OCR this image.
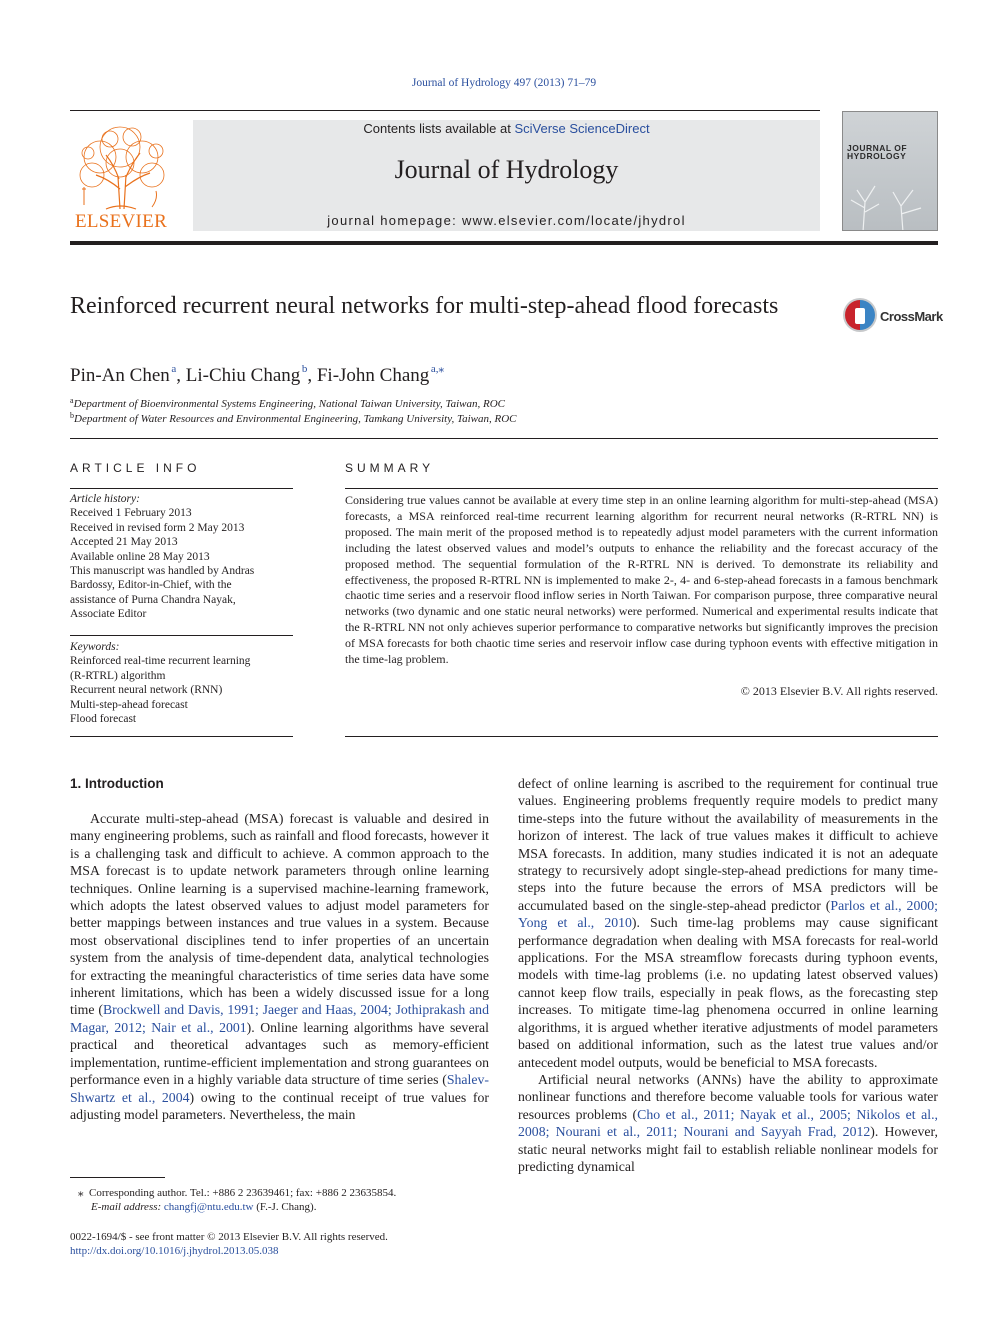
Journal of Hydrology 497 (2013) 71–79
ELSEVIER
Contents lists available at SciVerse ScienceDirect
Journal of Hydrology
journal homepage: www.elsevier.com/locate/jhydrol
JOURNAL OF HYDROLOGY
Reinforced recurrent neural networks for multi-step-ahead flood forecasts	CrossMark
Pin-An Chen  $^a$, Li-Chiu Chang  $^b$, Fi-John Chang  $^{a,⁎}$
$^a$Department of Bioenvironmental Systems Engineering, National Taiwan University, Taiwan, ROC
$^b$Department of Water Resources and Environmental Engineering, Tamkang University, Taiwan, ROC
ARTICLE INFO
Article history:
Received 1 February 2013
Received in revised form 2 May 2013
Accepted 21 May 2013
Available online 28 May 2013
This manuscript was handled by Andras
Bardossy, Editor-in-Chief, with the
assistance of Purna Chandra Nayak,
Associate Editor
Keywords:
Reinforced real-time recurrent learning
(R-RTRL) algorithm
Recurrent neural network (RNN)
Multi-step-ahead forecast
Flood forecast
SUMMARY
Considering true values cannot be available at every time step in an online learning algorithm for multi-step-ahead (MSA) forecasts, a MSA reinforced real-time recurrent learning algorithm for recurrent neural networks (R-RTRL NN) is proposed. The main merit of the proposed method is to repeatedly adjust model parameters with the current information including the latest observed values and model’s outputs to enhance the reliability and the forecast accuracy of the proposed method. The sequential formulation of the R-RTRL NN is derived. To demonstrate its reliability and effectiveness, the proposed R-RTRL NN is implemented to make 2-, 4- and 6-step-ahead forecasts in a famous benchmark chaotic time series and a reservoir flood inflow series in North Taiwan. For comparison purpose, three comparative neural networks (two dynamic and one static neural networks) were performed. Numerical and experimental results indicate that the R-RTRL NN not only achieves superior performance to comparative networks but significantly improves the precision of MSA forecasts for both chaotic time series and reservoir inflow case during typhoon events with effective mitigation in the time-lag problem.
© 2013 Elsevier B.V. All rights reserved.
1. Introduction
Accurate multi-step-ahead (MSA) forecast is valuable and desired in many engineering problems, such as rainfall and flood forecasts, however it is a challenging task and difficult to achieve. A common approach to the MSA forecast is to update network parameters through online learning techniques. Online learning is a supervised machine-learning framework, which adopts the latest observed values to adjust model parameters for better mappings between instances and true values in a system. Because most observational disciplines tend to infer properties of an uncertain system from the analysis of time-dependent data, analytical technologies for extracting the meaningful characteristics of time series data have some inherent limitations, which has been a widely discussed issue for a long time (Brockwell and Davis, 1991; Jaeger and Haas, 2004; Jothiprakash and Magar, 2012; Nair et al., 2001). Online learning algorithms have several practical and theoretical advantages such as memory-efficient implementation, runtime-efficient implementation and strong guarantees on performance even in a highly variable data structure of time series (Shalev-Shwartz et al., 2004) owing to the continual receipt of true values for adjusting model parameters. Nevertheless, the main
defect of online learning is ascribed to the requirement for continual true values. Engineering problems frequently require models to predict many time-steps into the future without the availability of measurements in the horizon of interest. The lack of true values makes it difficult to achieve MSA forecasts. In addition, many studies indicated it is not an adequate strategy to recursively adopt single-step-ahead predictions for many time-steps into the future because the errors of MSA predictors will be accumulated based on the single-step-ahead predictor (Parlos et al., 2000; Yong et al., 2010). Such time-lag problems may cause significant performance degradation when dealing with MSA forecasts for real-world applications. For the MSA streamflow forecasts during typhoon events, models with time-lag problems (i.e. no updating latest observed values) cannot keep flow trails, especially in peak flows, as the forecasting step increases. To mitigate time-lag phenomena occurred in online learning algorithms, it is argued whether iterative adjustments of model parameters based on additional information, such as the latest true values and/or antecedent model outputs, would be beneficial to MSA forecasts.
Artificial neural networks (ANNs) have the ability to approximate nonlinear functions and therefore become valuable tools for various water resources problems (Cho et al., 2011; Nayak et al., 2005; Nikolos et al., 2008; Nourani et al., 2011; Nourani and Sayyah Frad, 2012). However, static neural networks might fail to establish reliable nonlinear models for predicting dynamical
⁎ Corresponding author. Tel.: +886 2 23639461; fax: +886 2 23635854.
E-mail address: changfj@ntu.edu.tw (F.-J. Chang).
0022-1694/$ - see front matter © 2013 Elsevier B.V. All rights reserved.
http://dx.doi.org/10.1016/j.jhydrol.2013.05.038
